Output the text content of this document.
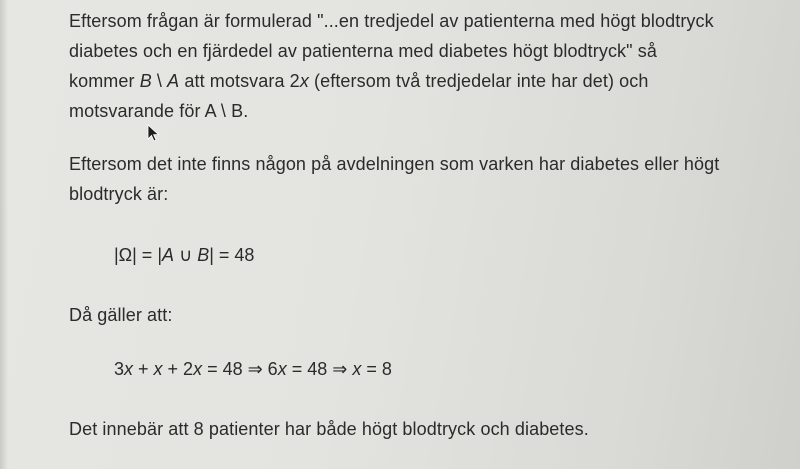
Eftersom frågan är formulerad "...en tredjedel av patienterna med högt blodtryck
diabetes och en fjärdedel av patienterna med diabetes högt blodtryck" så
kommer B \ A att motsvara 2x (eftersom två tredjedelar inte har det) och
motsvarande för A \ B.

Eftersom det inte finns någon på avdelningen som varken har diabetes eller högt
blodtryck är:

|Ω| = |A ∪ B| = 48

Då gäller att:

3x + x + 2x = 48 ⇒ 6x = 48 ⇒ x = 8

Det innebär att 8 patienter har både högt blodtryck och diabetes.
